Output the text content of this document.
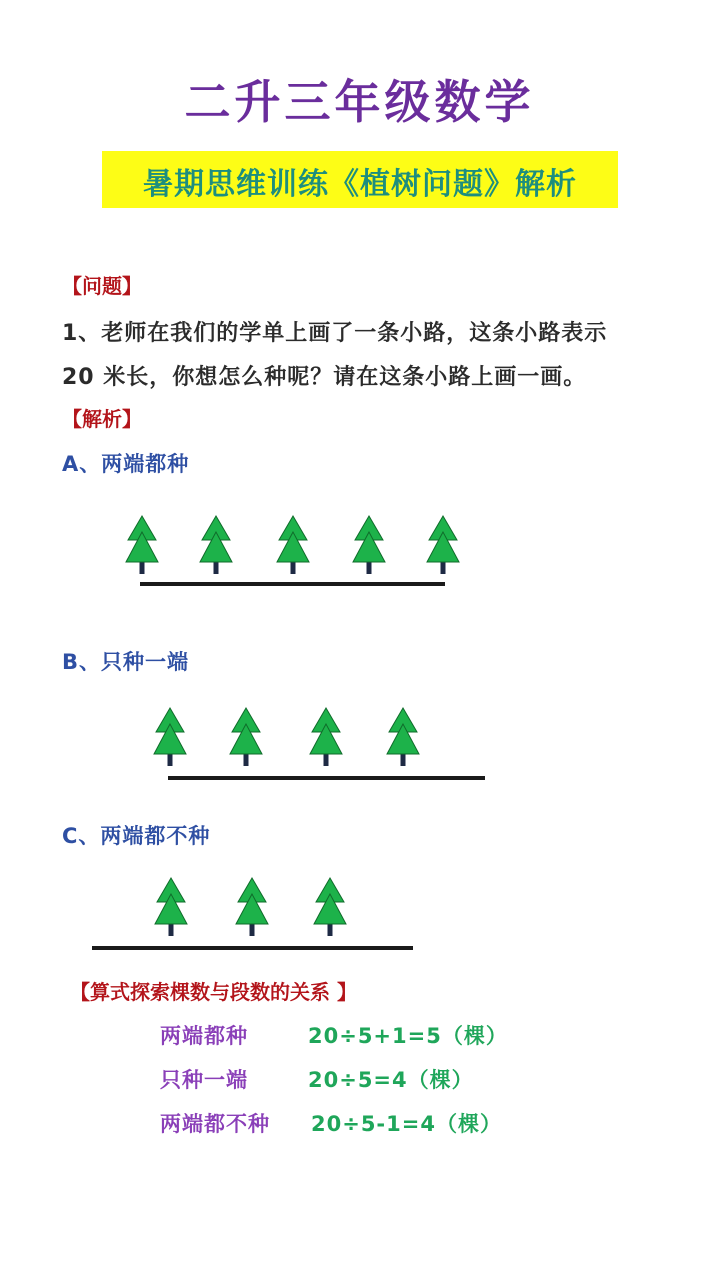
二升三年级数学
暑期思维训练《植树问题》解析
【问题】
1、老师在我们的学单上画了一条小路，这条小路表示
20 米长，你想怎么种呢？请在这条小路上画一画。
【解析】
A、两端都种
B、只种一端
C、两端都不种
【算式探索棵数与段数的关系 】
两端都种	20÷5+1=5（棵）
只种一端	20÷5=4（棵）
两端都不种 20÷5-1=4（棵）
